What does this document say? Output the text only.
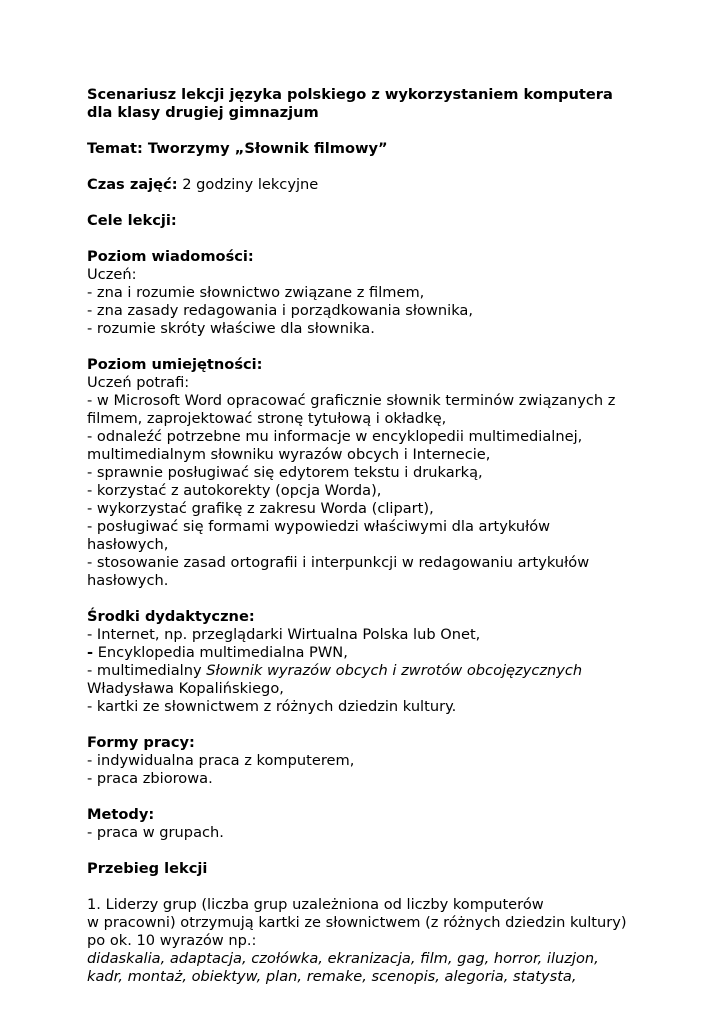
Scenariusz lekcji języka polskiego z wykorzystaniem komputera
dla klasy drugiej gimnazjum
Temat: Tworzymy „Słownik filmowy”
Czas zajęć: 2 godziny lekcyjne
Cele lekcji:
Poziom wiadomości:
Uczeń:
- zna i rozumie słownictwo związane z filmem,
- zna zasady redagowania i porządkowania słownika,
- rozumie skróty właściwe dla słownika.
Poziom umiejętności:
Uczeń potrafi:
- w Microsoft Word opracować graficznie słownik terminów związanych z
filmem, zaprojektować stronę tytułową i okładkę,
- odnaleźć potrzebne mu informacje w encyklopedii multimedialnej,
multimedialnym słowniku wyrazów obcych i Internecie,
- sprawnie posługiwać się edytorem tekstu i drukarką,
- korzystać z autokorekty (opcja Worda),
- wykorzystać grafikę z zakresu Worda (clipart),
- posługiwać się formami wypowiedzi właściwymi dla artykułów
hasłowych,
- stosowanie zasad ortografii i interpunkcji w redagowaniu artykułów
hasłowych.
Środki dydaktyczne:
- Internet, np. przeglądarki Wirtualna Polska lub Onet,
- Encyklopedia multimedialna PWN,
- multimedialny Słownik wyrazów obcych i zwrotów obcojęzycznych
Władysława Kopalińskiego,
- kartki ze słownictwem z różnych dziedzin kultury.
Formy pracy:
- indywidualna praca z komputerem,
- praca zbiorowa.
Metody:
- praca w grupach.
Przebieg lekcji
1. Liderzy grup (liczba grup uzależniona od liczby komputerów
w pracowni) otrzymują kartki ze słownictwem (z różnych dziedzin kultury)
po ok. 10 wyrazów np.:
didaskalia, adaptacja, czołówka, ekranizacja, film, gag, horror, iluzjon,
kadr, montaż, obiektyw, plan, remake, scenopis, alegoria, statysta,
